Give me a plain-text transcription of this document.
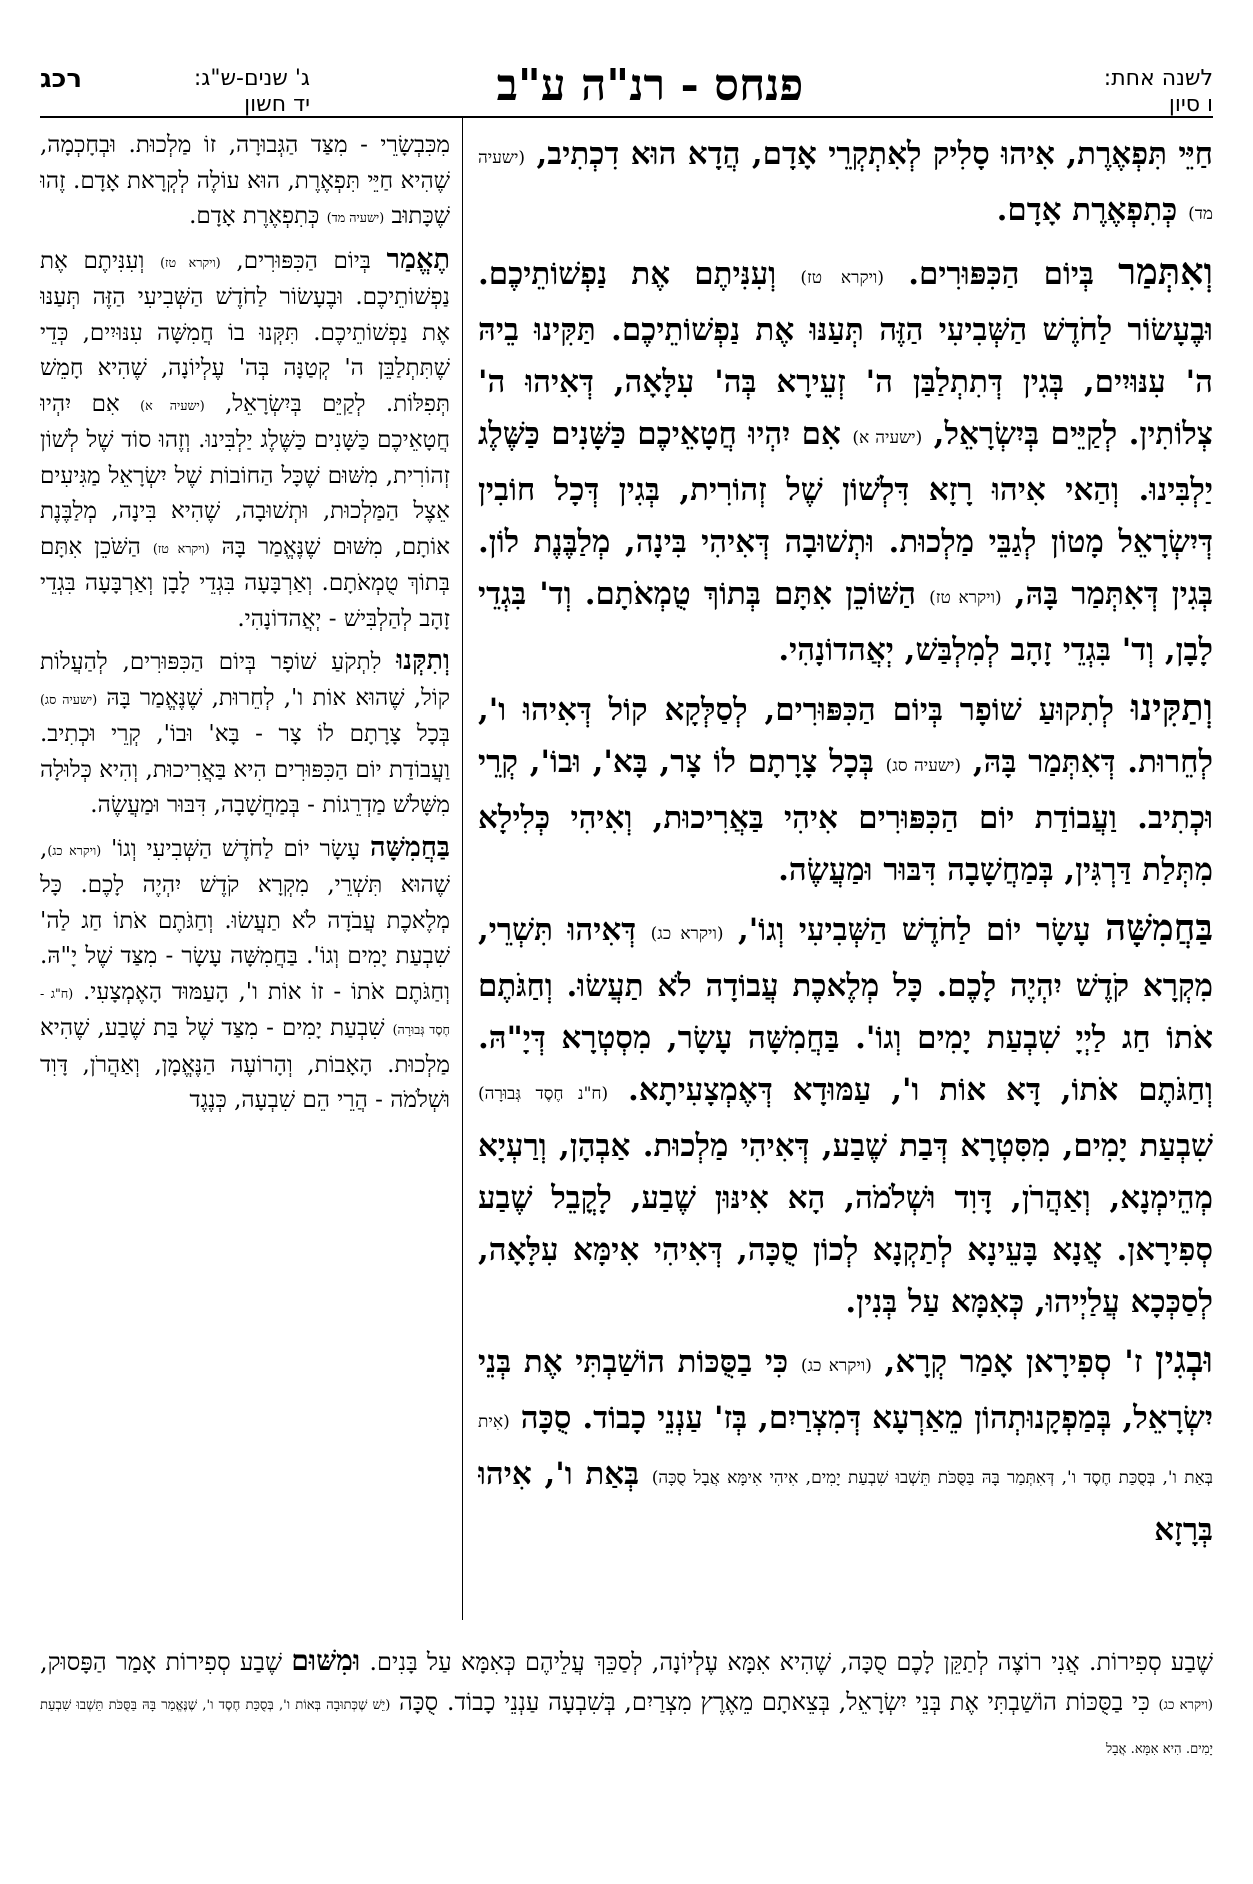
רכג	ג' שנים-ש"ג:
יד חשון	פנחס - רנ"ה ע"ב	לשנה אחת:
ו סיון

חַיֵּי תִּפְאֶרֶת, אִיהוּ סָלִיק לְאִתְקְרֵי אָדָם, הֲדָא הוּא דִכְתִיב, (ישעיה מד) כְּתִפְאֶרֶת אָדָם.

וְאִתְּמַר בְּיוֹם הַכִּפּוּרִים. (ויקרא טז) וְעִנִּיתֶם אֶת נַפְשׁוֹתֵיכֶם. וּבֶעָשׂוֹר לַחֹדֶשׁ הַשְּׁבִיעִי הַזֶּה תְּעַנּוּ אֶת נַפְשׁוֹתֵיכֶם. תַּקִּינוּ בֵיהּ ה' עִנּוּיִים, בְּגִין דְּתִתְלַבַּן ה' זְעֵירָא בְּה' עִלָּאָה, דְּאִיהוּ ה' צְלוֹתִין. לְקַיֵּים בְּיִשְׂרָאֵל, (ישעיה א) אִם יִהְיוּ חֲטָאֵיכֶם כַּשָּׁנִים כַּשֶּׁלֶג יַלְבִּינוּ. וְהַאי אִיהוּ רָזָא דִּלְשׁוֹן שֶׁל זְהוֹרִית, בְּגִין דְּכָל חוֹבִין דְּיִשְׂרָאֵל מָטוֹן לְגַבֵּי מַלְכוּת. וּתְשׁוּבָה דְּאִיהִי בִּינָה, מְלַבֶּנֶת לוֹן. בְּגִין דְּאִתְּמַר בָּהּ, (ויקרא טז) הַשּׁוֹכֵן אִתָּם בְּתוֹךְ טֻמְאֹתָם. וְד' בִּגְדֵי לָבָן, וְד' בִּגְדֵי זָהָב לְמִלְבַּשׁ, יְאֲהדוֹנָהִי.

וְתַקִּינוּ לְתִקוּעַ שׁוֹפָר בְּיוֹם הַכִּפּוּרִים, לְסַלְּקָא קוֹל דְּאִיהוּ ו', לְחֵרוּת. דְּאִתְּמַר בָּהּ, (ישעיה סג) בְּכָל צָרָתָם לוֹ צָר, בָּא', וּבוֹ', קְרֵי וּכְתִיב. וַעֲבוֹדַת יוֹם הַכִּפּוּרִים אִיהִי בַּאֲרִיכוּת, וְאִיהִי כְּלִילָא מִתְּלַת דַּרְגִּין, בְּמַחֲשָׁבָה דִּבּוּר וּמַעֲשֶׂה.

בַּחֲמִשָּׁה עָשָׂר יוֹם לַחֹדֶשׁ הַשְּׁבִיעִי וְגוֹ', (ויקרא כג) דְּאִיהוּ תִּשְׁרֵי, מִקְרָא קֹדֶשׁ יִהְיֶה לָכֶם. כָּל מְלֶאכֶת עֲבוֹדָה לֹא תַעֲשׂוּ. וְחַגֹּתֶם אֹתוֹ חַג לַיְיָ שִׁבְעַת יָמִים וְגוֹ'. בַּחֲמִשָּׁה עָשָׂר, מִסְטְרָא דְּיָ"הּ. וְחַגֹּתֶם אֹתוֹ, דָּא אוֹת ו', עַמּוּדָא דְּאֶמְצָעִיתָא. (ח"נ חֶסֶד גְּבוּרָה) שִׁבְעַת יָמִים, מִסִּטְרָא דְּבַת שֶׁבַע, דְּאִיהִי מַלְכוּת. אַבְהָן, וְרַעְיָא מְהֵימְנָא, וְאַהֲרֹן, דָּוִד וּשְׁלֹמֹה, הָא אִינּוּן שֶׁבַע, לָקֳבֵל שֶׁבַע סְפִירָאן. אֲנָא בָּעֵינָא לְתַקְנָא לְכוֹן סֻכָּה, דְּאִיהִי אִימָּא עִלָּאָה, לְסַכְּכָא עֲלַיְיהוּ, כְּאִמָּא עַל בְּנִין.

וּבְגִין ז' סְפִירָאן אָמַר קְרָא, (ויקרא כג) כִּי בַסֻּכּוֹת הוֹשַׁבְתִּי אֶת בְּנֵי יִשְׂרָאֵל, בְּמַפְקָנוּתְהוֹן מֵאַרְעָא דְּמִצְרַיִם, בְּז' עַנְנֵי כָבוֹד. סֻכָּה (אִית בְּאַת ו', בְּסֻכַּת חֶסֶד ו', דְּאִתְּמַר בָּהּ בַּסֻּכֹּת תֵּשְׁבוּ שִׁבְעַת יָמִים, אִיהִי אִימָּא אֲבָל סֻכָּה) בְּאַת ו', אִיהוּ בְּרָזָא

מִכִּבְשָׂרֵי - מִצַּד הַגְּבוּרָה, זוֹ מַלְכוּת. וּבְחָכְמָה, שֶׁהִיא חַיֵּי תִּפְאֶרֶת, הוּא עוֹלֶה לְקְרָאת אָדָם. זֶהוּ שֶׁכָּתוּב (ישעיה מד) כְּתִפְאֶרֶת אָדָם.

תֶאֱמַר בְּיוֹם הַכִּפּוּרִים, (ויקרא טז) וְעִנִּיתֶם אֶת נַפְשׁוֹתֵיכֶם. וּבֶעָשׂוֹר לַחֹדֶשׁ הַשְּׁבִיעִי הַזֶּה תְּעַנּוּ אֶת נַפְשׁוֹתֵיכֶם. תִּקְּנוּ בוֹ חֲמִשָּׁה עִנּוּיִים, כְּדֵי שֶׁתִּתְלַבֵּן ה' קְטַנָּה בְּה' עֶלְיוֹנָה, שֶׁהִיא חָמֵשׁ תְּפִלּוֹת. לְקַיֵּם בְּיִשְׂרָאֵל, (ישעיה א) אִם יִהְיוּ חֲטָאֵיכֶם כַּשָּׁנִים כַּשֶּׁלֶג יַלְבִּינוּ. וְזֶהוּ סוֹד שֶׁל לְשׁוֹן זְהוֹרִית, מִשּׁוּם שֶׁכָּל הַחוֹבוֹת שֶׁל יִשְׂרָאֵל מַגִּיעִים אֵצֶל הַמַּלְכוּת, וּתְשׁוּבָה, שֶׁהִיא בִּינָה, מְלַבֶּנֶת אוֹתָם, מִשּׁוּם שֶׁנֶּאֱמַר בָּהּ (ויקרא טז) הַשֹּׁכֵן אִתָּם בְּתוֹךְ טֻמְאֹתָם. וְאַרְבָּעָה בִּגְדֵי לָבָן וְאַרְבָּעָה בִּגְדֵי זָהָב לְהַלְבִּישׁ - יְאֲהדוֹנָהִי.

וְתִקְּנוּ לִתְקֹעַ שׁוֹפָר בְּיוֹם הַכִּפּוּרִים, לְהַעֲלוֹת קוֹל, שֶׁהוּא אוֹת ו', לְחֵרוּת, שֶׁנֶּאֱמַר בָּהּ (ישעיה סג) בְּכָל צָרָתָם לוֹ צָר - בָּא' וּבוֹ', קְרֵי וּכְתִיב. וַעֲבוֹדַת יוֹם הַכִּפּוּרִים הִיא בַּאֲרִיכוּת, וְהִיא כְּלוּלָה מִשָּׁלֹשׁ מַדְרֵגוֹת - בְּמַחֲשָׁבָה, דִּבּוּר וּמַעֲשֶׂה.

בַּחֲמִשָּׁה עָשָׂר יוֹם לַחֹדֶשׁ הַשְּׁבִיעִי וְגוֹ' (ויקרא כג), שֶׁהוּא תִּשְׁרֵי, מִקְרָא קֹדֶשׁ יִהְיֶה לָכֶם. כָּל מְלֶאכֶת עֲבֹדָה לֹא תַעֲשׂוּ. וְחַגֹּתֶם אֹתוֹ חַג לַה' שִׁבְעַת יָמִים וְגוֹ'. בַּחֲמִשָּׁה עָשָׂר - מִצַּד שֶׁל יָ"הּ. וְחַגֹּתֶם אֹתוֹ - זוֹ אוֹת ו', הָעַמּוּד הָאֶמְצָעִי. (ח"ג - חֶסֶד גְּבוּרָה) שִׁבְעַת יָמִים - מִצַּד שֶׁל בַּת שֶׁבַע, שֶׁהִיא מַלְכוּת. הָאָבוֹת, וְהָרוֹעֶה הַנֶּאֱמָן, וְאַהֲרֹן, דָּוִד וּשְׁלֹמֹה - הֲרֵי הֵם שִׁבְעָה, כְּנֶגֶד

שֶׁבַע סְפִירוֹת. אֲנִי רוֹצֶה לְתַקֵּן לָכֶם סֻכָּה, שֶׁהִיא אִמָּא עֶלְיוֹנָה, לְסַכֵּךְ עֲלֵיהֶם כְּאִמָּא עַל בָּנִים. וּמִשּׁוּם שֶׁבַע סְפִירוֹת אָמַר הַפָּסוּק, (ויקרא כג) כִּי בַסֻּכּוֹת הוֹשַׁבְתִּי אֶת בְּנֵי יִשְׂרָאֵל, בְּצֵאתָם מֵאֶרֶץ מִצְרַיִם, בְּשִׁבְעָה עַנְנֵי כָבוֹד. סֻכָּה (יֵשׁ שֶׁכְּתוּבָה בְּאוֹת ו', בְּסֻכַּת חֶסֶד ו', שֶׁנֶּאֱמַר בָּהּ בַּסֻּכֹּת תֵּשְׁבוּ שִׁבְעַת יָמִים. הִיא אִמָּא. אֲבָל
